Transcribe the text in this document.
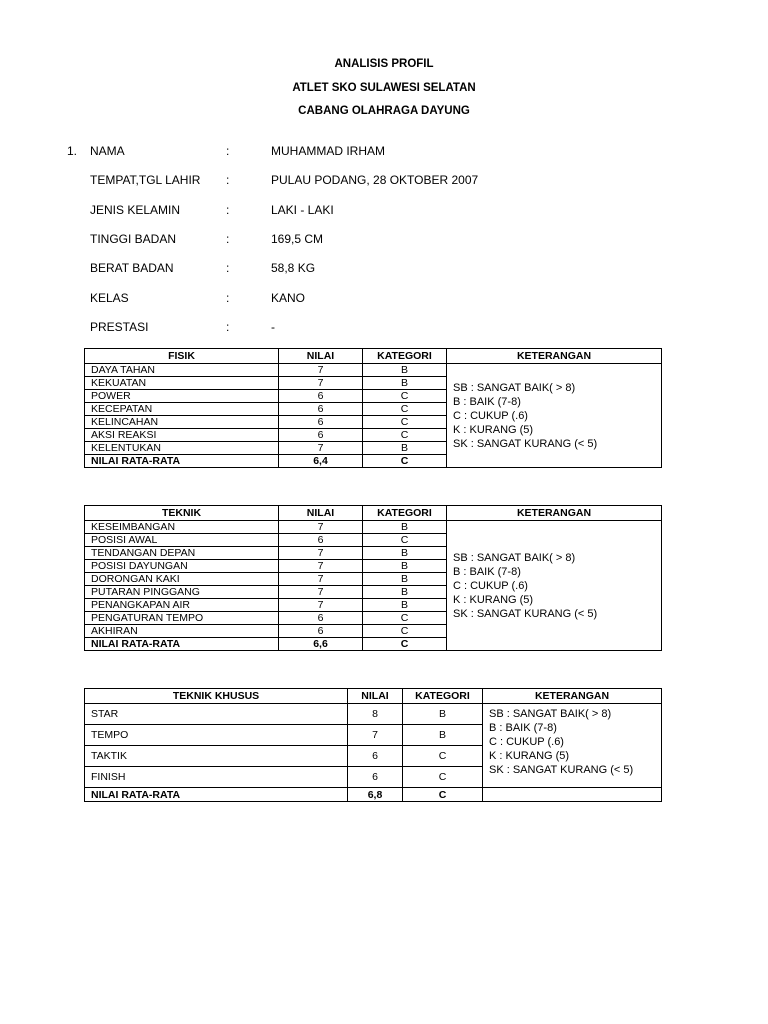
ANALISIS PROFIL
ATLET SKO SULAWESI SELATAN
CABANG OLAHRAGA DAYUNG
1. NAMA	:	MUHAMMAD IRHAM
TEMPAT,TGL LAHIR :	PULAU PODANG, 28 OKTOBER 2007
JENIS KELAMIN	:	LAKI - LAKI
TINGGI BADAN	:	169,5 CM
BERAT BADAN	:	58,8 KG
KELAS	:	KANO
PRESTASI	:	-
FISIK	NILAI	KATEGORI	KETERANGAN
DAYA TAHAN	7	B	SB : SANGAT BAIK( > 8)
B : BAIK (7-8)
C : CUKUP (.6)
K : KURANG (5)
SK : SANGAT KURANG (< 5)

KEKUATAN	7	B	
POWER	6	C	
KECEPATAN	6	C	
KELINCAHAN	6	C	
AKSI REAKSI	6	C	
KELENTUKAN	7	B	
NILAI RATA-RATA	6,4	C	
TEKNIK	NILAI	KATEGORI	KETERANGAN
KESEIMBANGAN	7	B	SB : SANGAT BAIK( > 8)
B : BAIK (7-8)
C : CUKUP (.6)
K : KURANG (5)
SK : SANGAT KURANG (< 5)

POSISI AWAL	6	C	
TENDANGAN DEPAN	7	B	
POSISI DAYUNGAN	7	B	
DORONGAN KAKI	7	B	
PUTARAN PINGGANG	7	B	
PENANGKAPAN AIR	7	B	
PENGATURAN TEMPO	6	C	
AKHIRAN	6	C	
NILAI RATA-RATA	6,6	C	
TEKNIK KHUSUS	NILAI	KATEGORI	KETERANGAN
STAR	8	B	SB : SANGAT BAIK( > 8)
B : BAIK (7-8)
C : CUKUP (.6)
K : KURANG (5)
SK : SANGAT KURANG (< 5)

TEMPO	7	B	
TAKTIK	6	C	
FINISH	6	C	
NILAI RATA-RATA	6,8	C	
